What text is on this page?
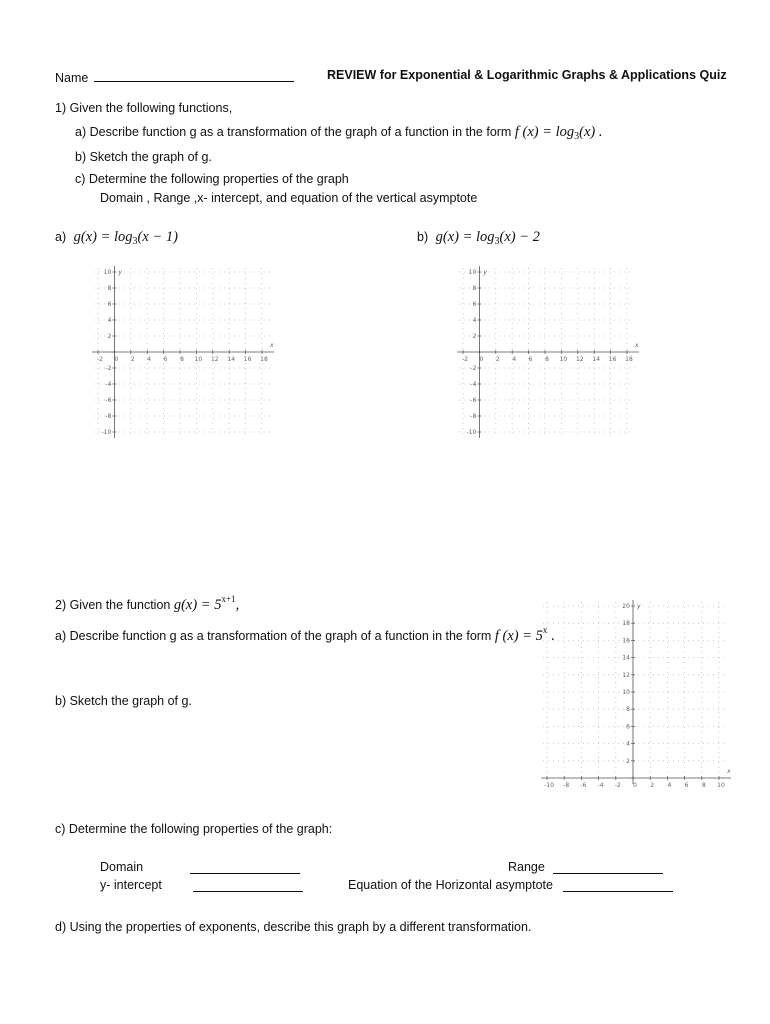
Name	REVIEW for Exponential & Logarithmic Graphs & Applications Quiz
1) Given the following functions,
a) Describe function g as a transformation of the graph of a function in the form f $(x) = \log_3(x)$ .
b) Sketch the graph of g.
c) Determine the following properties of the graph
Domain , Range ,x- intercept, and equation of the vertical asymptote
a) $g(x) = \log_3(x - 1)$	b) $g(x) = \log_3(x) - 2$
-2 0 2 4 6 8 10 12 14 16 18
10
8
6
4
2
-2
-4
-6
-8
-10
x
y
-2 0 2 4 6 8 10 12 14 16 18
10
8
6
4
2
-2
-4
-6
-8
-10
x
y
2) Given the function $g(x) = 5^{x+1}$,
a) Describe function g as a transformation of the graph of a function in the form f $(x) = 5^x$ .
b) Sketch the graph of g.
-10 -8 -6 -4 -2 0 2 4 6 8 10
20
18
16
14
12
10
8
6
4
2
x
y
c) Determine the following properties of the graph:
Domain	Range
y- intercept	Equation of the Horizontal asymptote
d) Using the properties of exponents, describe this graph by a different transformation.
